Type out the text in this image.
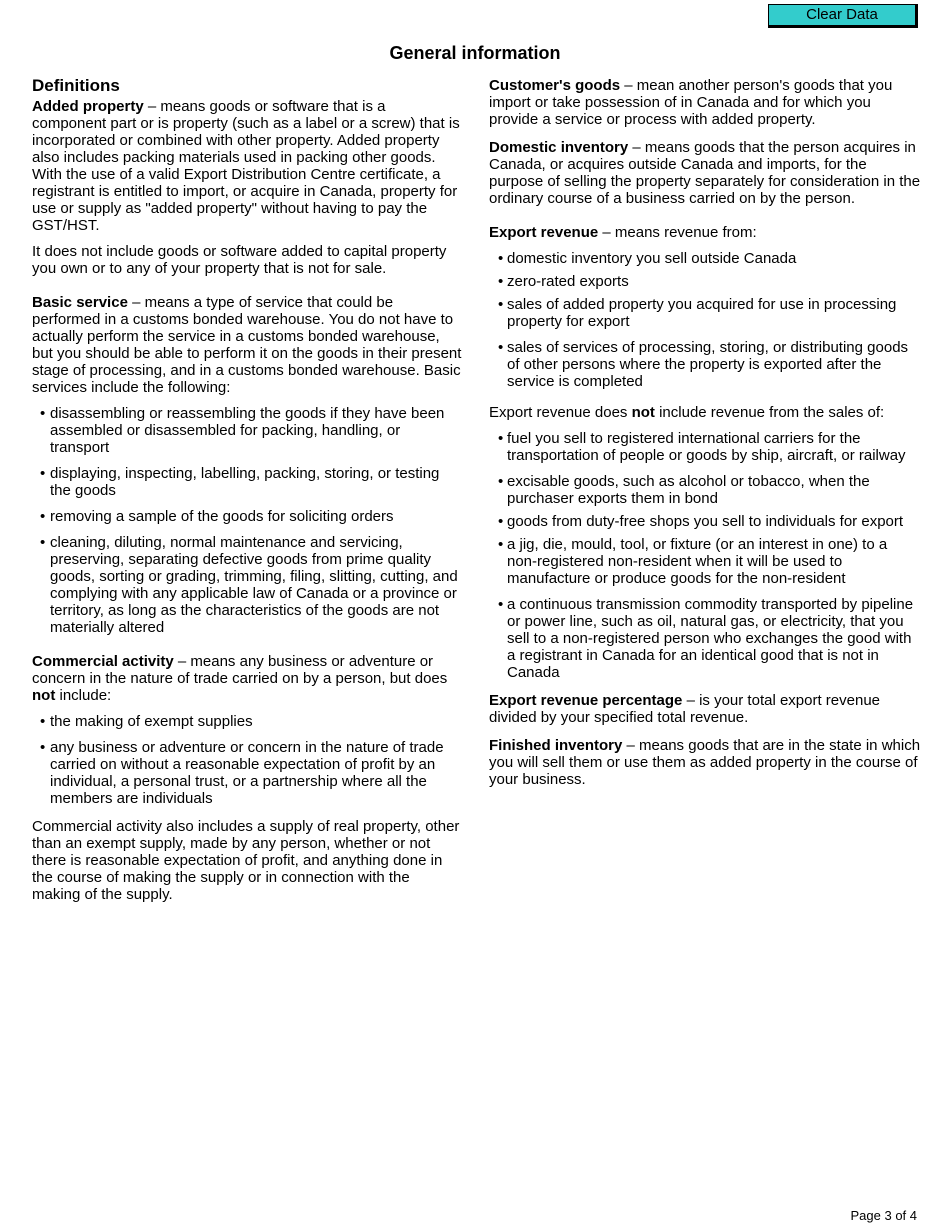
Clear Data
General information
Definitions

Added property – means goods or software that is a component part or is property (such as a label or a screw) that is incorporated or combined with other property. Added property also includes packing materials used in packing other goods. With the use of a valid Export Distribution Centre certificate, a registrant is entitled to import, or acquire in Canada, property for use or supply as "added property" without having to pay the GST/HST.

It does not include goods or software added to capital property you own or to any of your property that is not for sale.

Basic service – means a type of service that could be performed in a customs bonded warehouse. You do not have to actually perform the service in a customs bonded warehouse, but you should be able to perform it on the goods in their present stage of processing, and in a customs bonded warehouse. Basic services include the following:

• disassembling or reassembling the goods if they have been assembled or disassembled for packing, handling, or transport
• displaying, inspecting, labelling, packing, storing, or testing the goods
• removing a sample of the goods for soliciting orders
• cleaning, diluting, normal maintenance and servicing, preserving, separating defective goods from prime quality goods, sorting or grading, trimming, filing, slitting, cutting, and complying with any applicable law of Canada or a province or territory, as long as the characteristics of the goods are not materially altered

Commercial activity – means any business or adventure or concern in the nature of trade carried on by a person, but does not include:

• the making of exempt supplies
• any business or adventure or concern in the nature of trade carried on without a reasonable expectation of profit by an individual, a personal trust, or a partnership where all the members are individuals

Commercial activity also includes a supply of real property, other than an exempt supply, made by any person, whether or not there is reasonable expectation of profit, and anything done in the course of making the supply or in connection with the making of the supply.

Customer's goods – mean another person's goods that you import or take possession of in Canada and for which you provide a service or process with added property.

Domestic inventory – means goods that the person acquires in Canada, or acquires outside Canada and imports, for the purpose of selling the property separately for consideration in the ordinary course of a business carried on by the person.

Export revenue – means revenue from:

• domestic inventory you sell outside Canada
• zero-rated exports
• sales of added property you acquired for use in processing property for export
• sales of services of processing, storing, or distributing goods of other persons where the property is exported after the service is completed

Export revenue does not include revenue from the sales of:

• fuel you sell to registered international carriers for the transportation of people or goods by ship, aircraft, or railway
• excisable goods, such as alcohol or tobacco, when the purchaser exports them in bond
• goods from duty-free shops you sell to individuals for export
• a jig, die, mould, tool, or fixture (or an interest in one) to a non-registered non-resident when it will be used to manufacture or produce goods for the non-resident
• a continuous transmission commodity transported by pipeline or power line, such as oil, natural gas, or electricity, that you sell to a non-registered person who exchanges the good with a registrant in Canada for an identical good that is not in Canada

Export revenue percentage – is your total export revenue divided by your specified total revenue.

Finished inventory – means goods that are in the state in which you will sell them or use them as added property in the course of your business.

Page 3 of 4
